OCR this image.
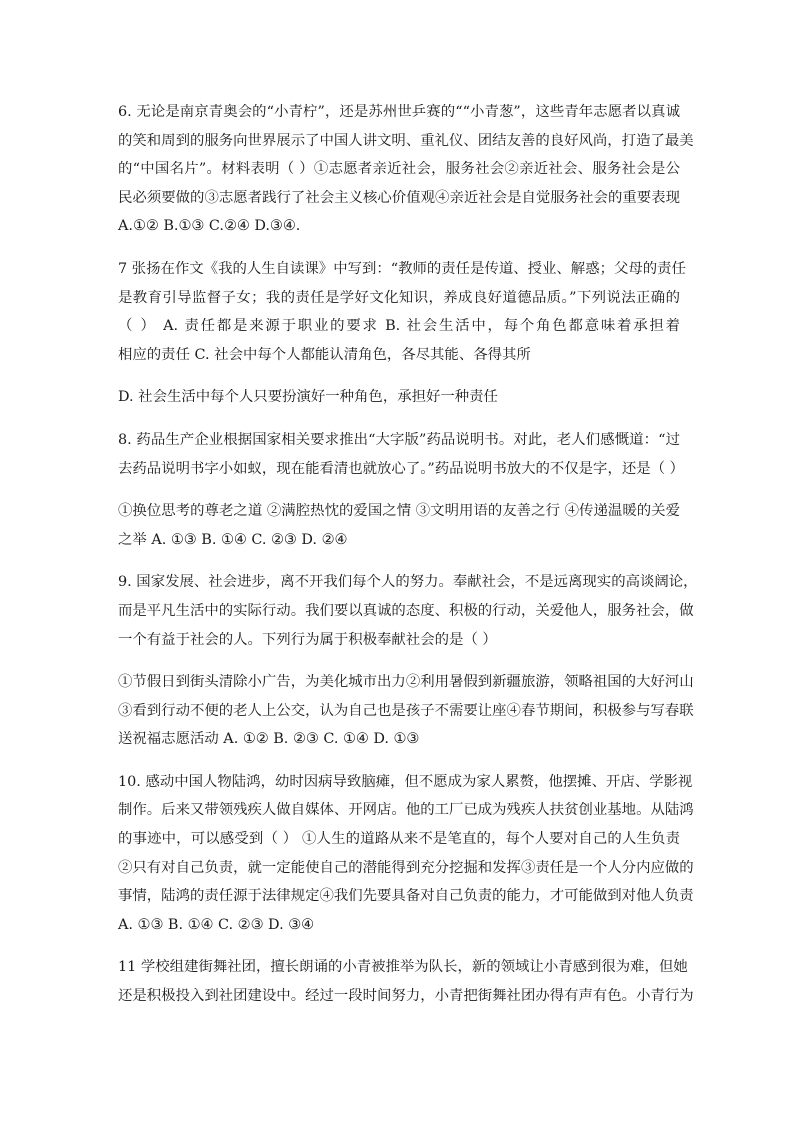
6. 无论是南京青奥会的“小青柠”，还是苏州世乒赛的““小青葱”，这些青年志愿者以真诚
的笑和周到的服务向世界展示了中国人讲文明、重礼仪、团结友善的良好风尚，打造了最美
的“中国名片”。材料表明（ ）①志愿者亲近社会，服务社会②亲近社会、服务社会是公
民必须要做的③志愿者践行了社会主义核心价值观④亲近社会是自觉服务社会的重要表现
A.①② B.①③ C.②④ D.③④.
7 张扬在作文《我的人生自读课》中写到：“教师的责任是传道、授业、解惑；父母的责任
是教育引导监督子女；我的责任是学好文化知识，养成良好道德品质。”下列说法正确的
（ ） A. 责任都是来源于职业的要求 B. 社会生活中，每个角色都意味着承担着
相应的责任 C. 社会中每个人都能认清角色，各尽其能、各得其所
D. 社会生活中每个人只要扮演好一种角色，承担好一种责任
8. 药品生产企业根据国家相关要求推出“大字版”药品说明书。对此，老人们感慨道：“过
去药品说明书字小如蚁，现在能看清也就放心了。”药品说明书放大的不仅是字，还是（ ）
①换位思考的尊老之道 ②满腔热忱的爱国之情 ③文明用语的友善之行 ④传递温暖的关爱
之举 A. ①③ B. ①④ C. ②③ D. ②④
9. 国家发展、社会进步，离不开我们每个人的努力。奉献社会，不是远离现实的高谈阔论，
而是平凡生活中的实际行动。我们要以真诚的态度、积极的行动，关爱他人，服务社会，做
一个有益于社会的人。下列行为属于积极奉献社会的是（ ）
①节假日到街头清除小广告，为美化城市出力②利用暑假到新疆旅游，领略祖国的大好河山
③看到行动不便的老人上公交，认为自己也是孩子不需要让座④春节期间，积极参与写春联
送祝福志愿活动 A. ①② B. ②③ C. ①④ D. ①③
10. 感动中国人物陆鸿，幼时因病导致脑瘫，但不愿成为家人累赘，他摆摊、开店、学影视
制作。后来又带领残疾人做自媒体、开网店。他的工厂已成为残疾人扶贫创业基地。从陆鸿
的事迹中，可以感受到（ ） ①人生的道路从来不是笔直的，每个人要对自己的人生负责
②只有对自己负责，就一定能使自己的潜能得到充分挖掘和发挥③责任是一个人分内应做的
事情，陆鸿的责任源于法律规定④我们先要具备对自己负责的能力，才可能做到对他人负责
A. ①③ B. ①④ C. ②③ D. ③④
11 学校组建街舞社团，擅长朗诵的小青被推举为队长，新的领域让小青感到很为难，但她
还是积极投入到社团建设中。经过一段时间努力，小青把街舞社团办得有声有色。小青行为
